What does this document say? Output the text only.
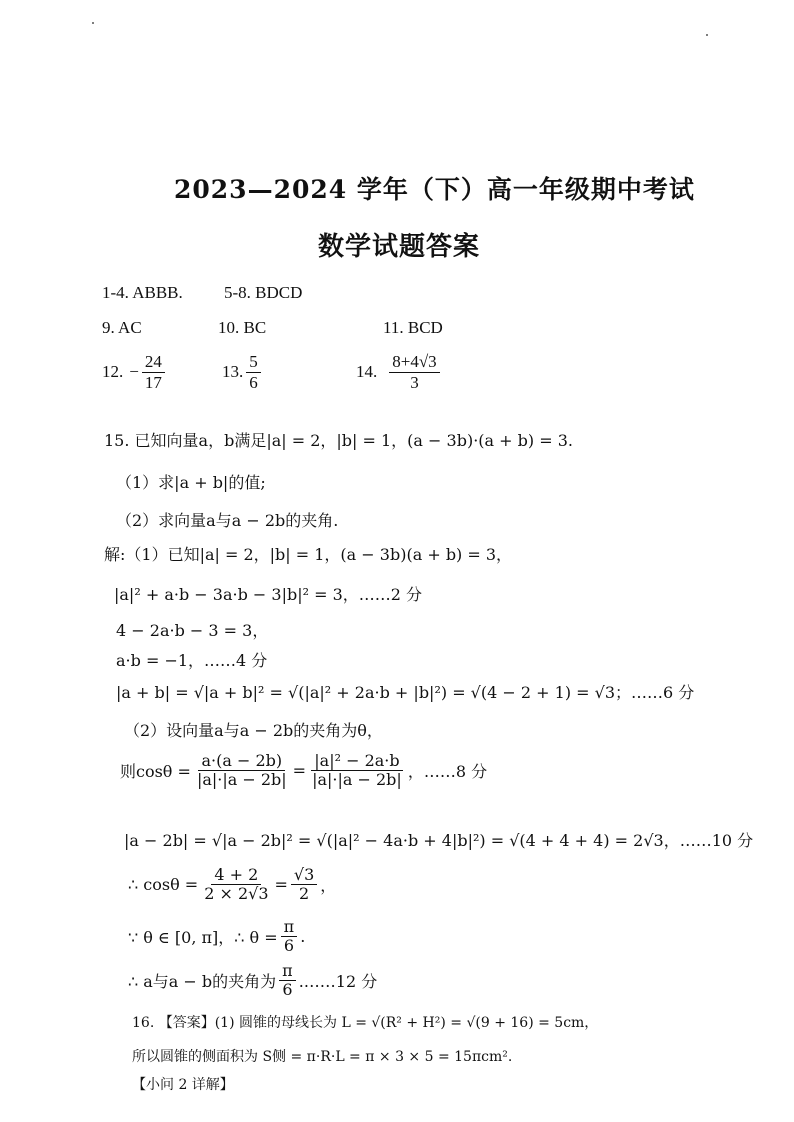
2023—2024 学年（下）高一年级期中考试
数学试题答案
1-4. ABBB. 5-8. BDCD
9. AC	10. BC	11. BCD
12. − $\frac{24}{17}$	13. $\frac{5}{6}$	14. $\frac{8+4√3}{3}$
15. 已知向量a，b满足|a| = 2，|b| = 1，(a − 3b)·(a + b) = 3.
（1）求|a + b|的值;
（2）求向量a与a − 2b的夹角.
解:（1）已知|a| = 2，|b| = 1，(a − 3b)(a + b) = 3，
|a|² + a·b − 3a·b − 3|b|² = 3，……2 分
4 − 2a·b − 3 = 3，
a·b = −1，……4 分
|a + b| = √|a + b|² = √(|a|² + 2a·b + |b|²) = √(4 − 2 + 1) = √3；……6 分
（2）设向量a与a − 2b的夹角为θ，
则$\cos\theta = \frac{a\cdot(a - 2b)}{|a|\cdot|a - 2b|} = \frac{\text{|a|² − 2a·b}}{|a|\cdot|a - 2b|}$ ，……8 分
|a − 2b| = √|a − 2b|² = √(|a|² − 4a·b + 4|b|²) = √(4 + 4 + 4) = 2√3，……10 分
∴ $\cos\theta = \frac{4 + 2}{2 \times 2√3} = \frac{√3}{2}$ ，
∵ θ ∈ [0, π]，∴ $\theta = \frac{\pi}{6}$ .
∴ a与a − b的夹角为 $\frac{\pi}{6}$ .……12 分
16. 【答案】(1) 圆锥的母线长为 L = √(R² + H²) = √(9 + 16) = 5cm，
所以圆锥的侧面积为 S侧 = π·R·L = π × 3 × 5 = 15πcm².
【小问 2 详解】
